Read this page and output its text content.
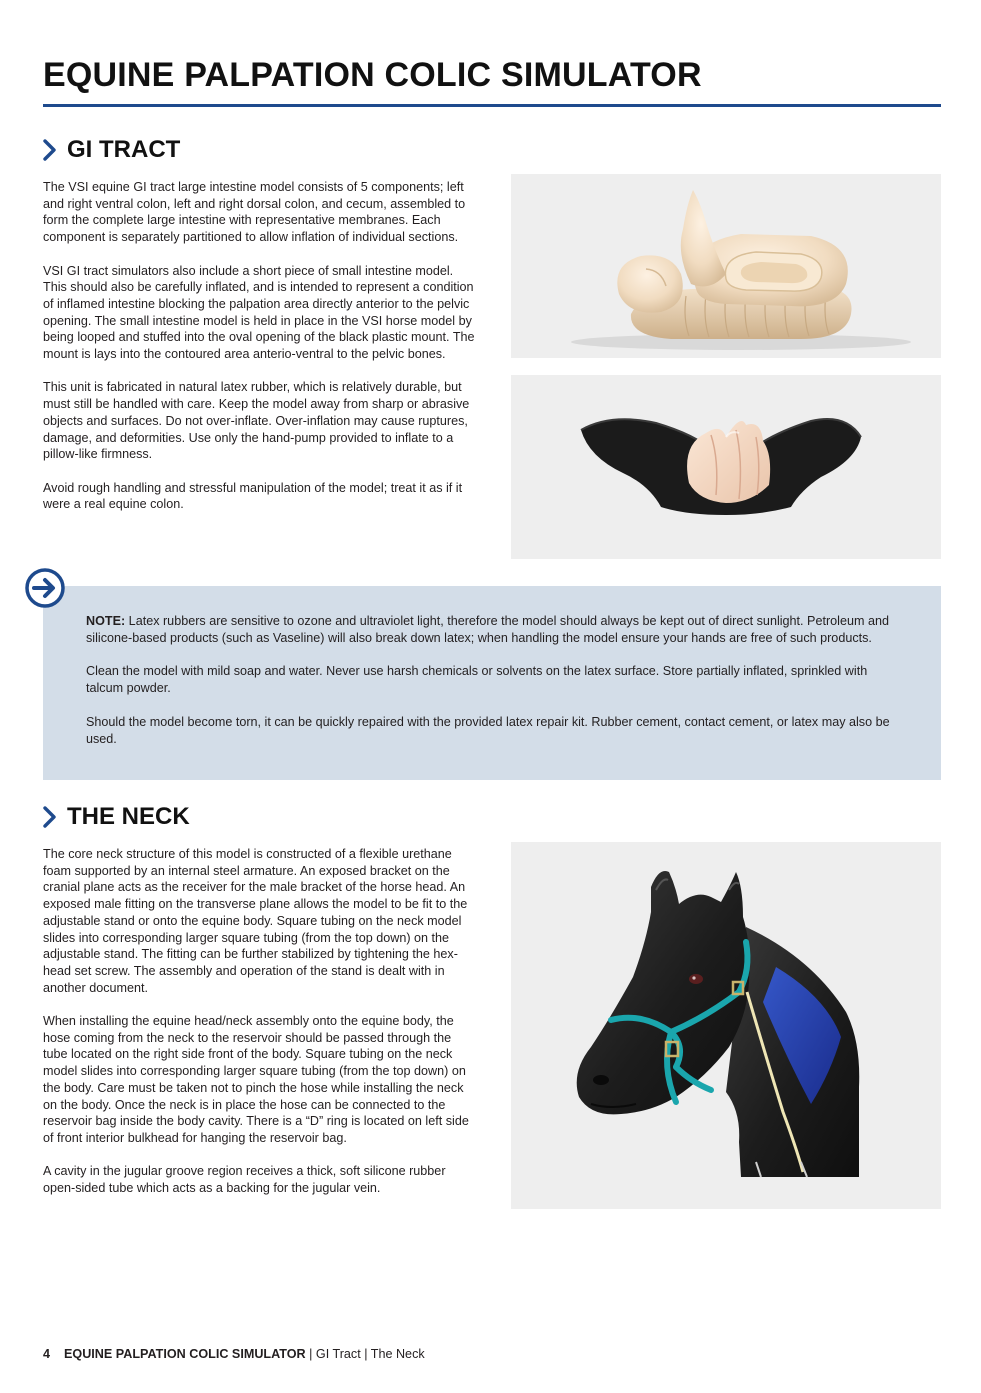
EQUINE PALPATION COLIC SIMULATOR
GI TRACT

The VSI equine GI tract large intestine model consists of 5 components; left and right ventral colon, left and right dorsal colon, and cecum, assembled to form the complete large intestine with representative membranes. Each component is separately partitioned to allow inflation of individual sections.

VSI GI tract simulators also include a short piece of small intestine model. This should also be carefully inflated, and is intended to represent a condition of inflamed intestine blocking the palpation area directly anterior to the pelvic opening. The small intestine model is held in place in the VSI horse model by being looped and stuffed into the oval opening of the black plastic mount. The mount is lays into the contoured area anterio-ventral to the pelvic bones.

This unit is fabricated in natural latex rubber, which is relatively durable, but must still be handled with care. Keep the model away from sharp or abrasive objects and surfaces. Do not over-inflate. Over-inflation may cause ruptures, damage, and deformities. Use only the hand-pump provided to inflate to a pillow-like firmness.

Avoid rough handling and stressful manipulation of the model; treat it as if it were a real equine colon.

NOTE: Latex rubbers are sensitive to ozone and ultraviolet light, therefore the model should always be kept out of direct sunlight. Petroleum and silicone-based products (such as Vaseline) will also break down latex; when handling the model ensure your hands are free of such products.

Clean the model with mild soap and water. Never use harsh chemicals or solvents on the latex surface. Store partially inflated, sprinkled with talcum powder.

Should the model become torn, it can be quickly repaired with the provided latex repair kit. Rubber cement, contact cement, or latex may also be used.

THE NECK

The core neck structure of this model is constructed of a flexible urethane foam supported by an internal steel armature. An exposed bracket on the cranial plane acts as the receiver for the male bracket of the horse head. An exposed male fitting on the transverse plane allows the model to be fit to the adjustable stand or onto the equine body. Square tubing on the neck model slides into corresponding larger square tubing (from the top down) on the adjustable stand. The fitting can be further stabilized by tightening the hex-head set screw. The assembly and operation of the stand is dealt with in another document.

When installing the equine head/neck assembly onto the equine body, the hose coming from the neck to the reservoir should be passed through the tube located on the right side front of the body. Square tubing on the neck model slides into corresponding larger square tubing (from the top down) on the body. Care must be taken not to pinch the hose while installing the neck on the body. Once the neck is in place the hose can be connected to the reservoir bag inside the body cavity. There is a “D” ring is located on left side of front interior bulkhead for hanging the reservoir bag.

A cavity in the jugular groove region receives a thick, soft silicone rubber open-sided tube which acts as a backing for the jugular vein.

4 EQUINE PALPATION COLIC SIMULATOR | GI Tract | The Neck
